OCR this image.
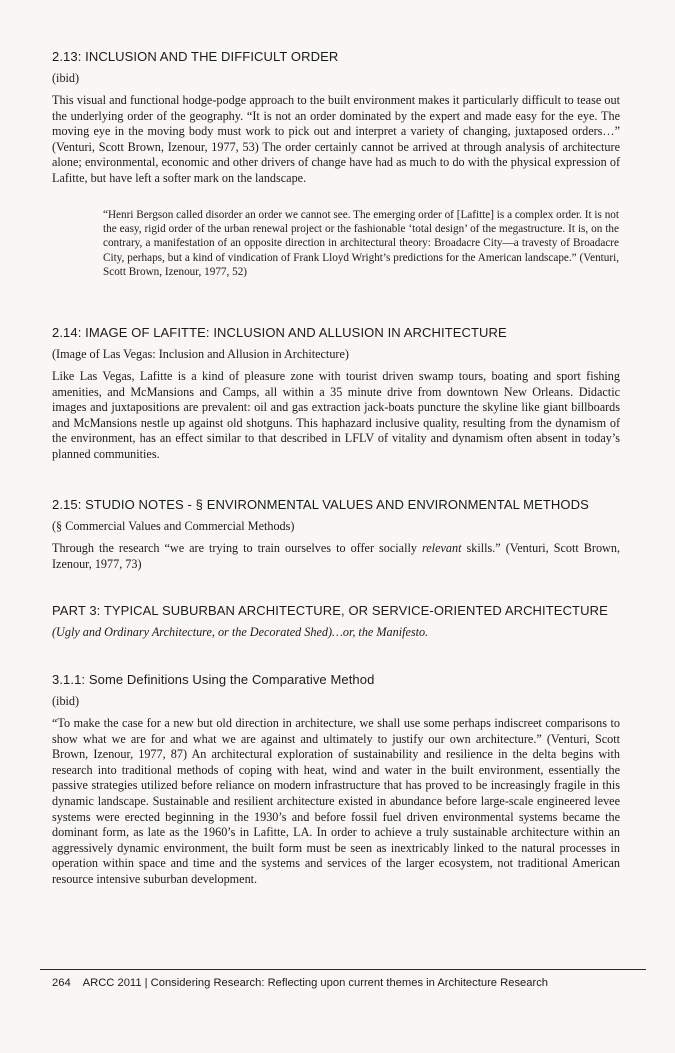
2.13: INCLUSION AND THE DIFFICULT ORDER
(ibid)
This visual and functional hodge-podge approach to the built environment makes it particularly difficult to tease out the underlying order of the geography. “It is not an order dominated by the expert and made easy for the eye. The moving eye in the moving body must work to pick out and interpret a variety of changing, juxtaposed orders…” (Venturi, Scott Brown, Izenour, 1977, 53) The order certainly cannot be arrived at through analysis of architecture alone; environmental, economic and other drivers of change have had as much to do with the physical expression of Lafitte, but have left a softer mark on the landscape.
“Henri Bergson called disorder an order we cannot see. The emerging order of [Lafitte] is a complex order. It is not the easy, rigid order of the urban renewal project or the fashionable ‘total design’ of the megastructure. It is, on the contrary, a manifestation of an opposite direction in architectural theory: Broadacre City—a travesty of Broadacre City, perhaps, but a kind of vindication of Frank Lloyd Wright’s predictions for the American landscape.” (Venturi, Scott Brown, Izenour, 1977, 52)
2.14: IMAGE OF LAFITTE: INCLUSION AND ALLUSION IN ARCHITECTURE
(Image of Las Vegas: Inclusion and Allusion in Architecture)
Like Las Vegas, Lafitte is a kind of pleasure zone with tourist driven swamp tours, boating and sport fishing amenities, and McMansions and Camps, all within a 35 minute drive from downtown New Orleans. Didactic images and juxtapositions are prevalent: oil and gas extraction jack-boats puncture the skyline like giant billboards and McMansions nestle up against old shotguns. This haphazard inclusive quality, resulting from the dynamism of the environment, has an effect similar to that described in LFLV of vitality and dynamism often absent in today’s planned communities.
2.15: STUDIO NOTES - § ENVIRONMENTAL VALUES AND ENVIRONMENTAL METHODS
(§ Commercial Values and Commercial Methods)
Through the research “we are trying to train ourselves to offer socially relevant skills.” (Venturi, Scott Brown, Izenour, 1977, 73)
PART 3: TYPICAL SUBURBAN ARCHITECTURE, OR SERVICE-ORIENTED ARCHITECTURE
(Ugly and Ordinary Architecture, or the Decorated Shed)…or, the Manifesto.
3.1.1: Some Definitions Using the Comparative Method
(ibid)
“To make the case for a new but old direction in architecture, we shall use some perhaps indiscreet comparisons to show what we are for and what we are against and ultimately to justify our own architecture.” (Venturi, Scott Brown, Izenour, 1977, 87) An architectural exploration of sustainability and resilience in the delta begins with research into traditional methods of coping with heat, wind and water in the built environment, essentially the passive strategies utilized before reliance on modern infrastructure that has proved to be increasingly fragile in this dynamic landscape. Sustainable and resilient architecture existed in abundance before large-scale engineered levee systems were erected beginning in the 1930’s and before fossil fuel driven environmental systems became the dominant form, as late as the 1960’s in Lafitte, LA. In order to achieve a truly sustainable architecture within an aggressively dynamic environment, the built form must be seen as inextricably linked to the natural processes in operation within space and time and the systems and services of the larger ecosystem, not traditional American resource intensive suburban development.
264 ARCC 2011 | Considering Research: Reflecting upon current themes in Architecture Research
